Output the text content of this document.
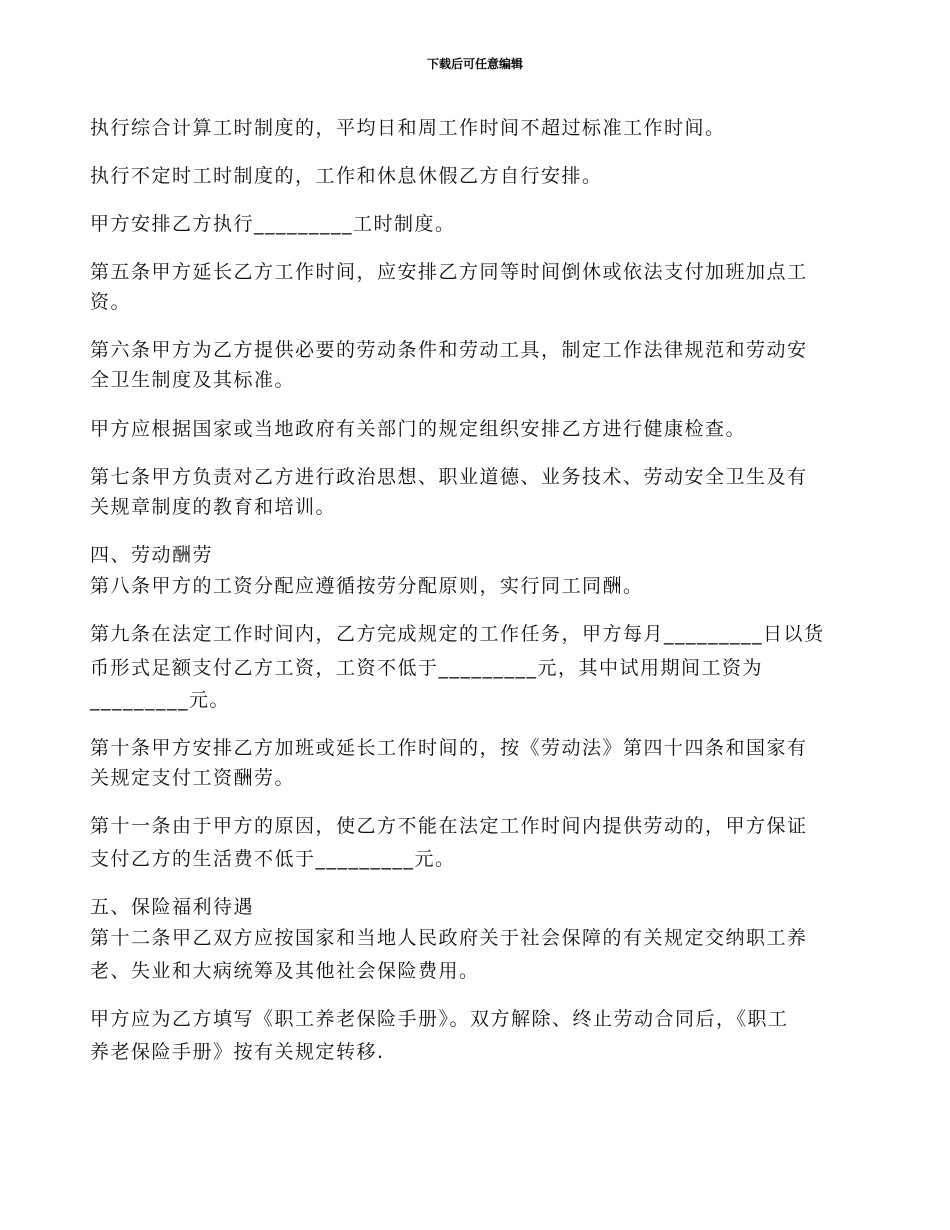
下载后可任意编辑
执行综合计算工时制度的，平均日和周工作时间不超过标准工作时间。
执行不定时工时制度的，工作和休息休假乙方自行安排。
甲方安排乙方执行_________工时制度。
第五条甲方延长乙方工作时间，应安排乙方同等时间倒休或依法支付加班加点工
资。
第六条甲方为乙方提供必要的劳动条件和劳动工具，制定工作法律规范和劳动安
全卫生制度及其标准。
甲方应根据国家或当地政府有关部门的规定组织安排乙方进行健康检查。
第七条甲方负责对乙方进行政治思想、职业道德、业务技术、劳动安全卫生及有
关规章制度的教育和培训。
四、劳动酬劳
第八条甲方的工资分配应遵循按劳分配原则，实行同工同酬。
第九条在法定工作时间内，乙方完成规定的工作任务，甲方每月_________日以货
币形式足额支付乙方工资，工资不低于_________元，其中试用期间工资为
_________元。
第十条甲方安排乙方加班或延长工作时间的，按《劳动法》第四十四条和国家有
关规定支付工资酬劳。
第十一条由于甲方的原因，使乙方不能在法定工作时间内提供劳动的，甲方保证
支付乙方的生活费不低于_________元。
五、保险福利待遇
第十二条甲乙双方应按国家和当地人民政府关于社会保障的有关规定交纳职工养
老、失业和大病统筹及其他社会保险费用。
甲方应为乙方填写《职工养老保险手册》。双方解除、终止劳动合同后，《职工
养老保险手册》按有关规定转移.
